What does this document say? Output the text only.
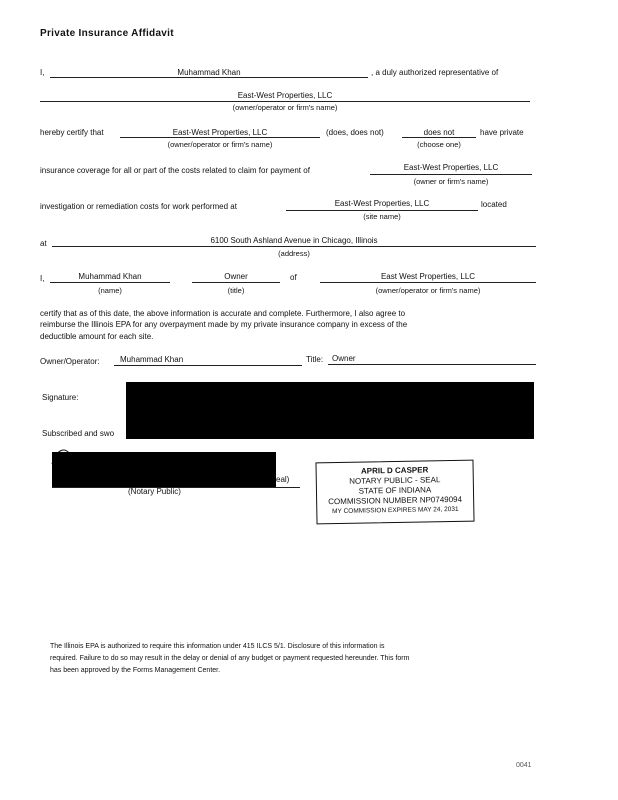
Private Insurance Affidavit
I,	Muhammad Khan	, a duly authorized representative of
East-West Properties, LLC
(owner/operator or firm's name)
hereby certify that	East-West Properties, LLC	(does, does not)	does not	have private
(owner/operator or firm's name)	(choose one)
insurance coverage for all or part of the costs related to claim for payment of	East-West Properties, LLC
(owner or firm's name)
investigation or remediation costs for work performed at	East-West Properties, LLC	located
(site name)
at	6100 South Ashland Avenue in Chicago, Illinois
(address)
I,	Muhammad Khan	Owner	of	East West Properties, LLC
(name)	(title)	(owner/operator or firm's name)
certify that as of this date, the above information is accurate and complete. Furthermore, I also agree to
reimburse the Illinois EPA for any overpayment made by my private insurance company in excess of the
deductible amount for each site.
Owner/Operator:	Muhammad Khan	Title: Owner
Signature:
Subscribed and swo
eal)
(Notary Public)
APRIL D CASPER
NOTARY PUBLIC - SEAL
STATE OF INDIANA
COMMISSION NUMBER NP0749094
MY COMMISSION EXPIRES MAY 24, 2031
The Illinois EPA is authorized to require this information under 415 ILCS 5/1. Disclosure of this information is
required. Failure to do so may result in the delay or denial of any budget or payment requested hereunder. This form
has been approved by the Forms Management Center.
0041
